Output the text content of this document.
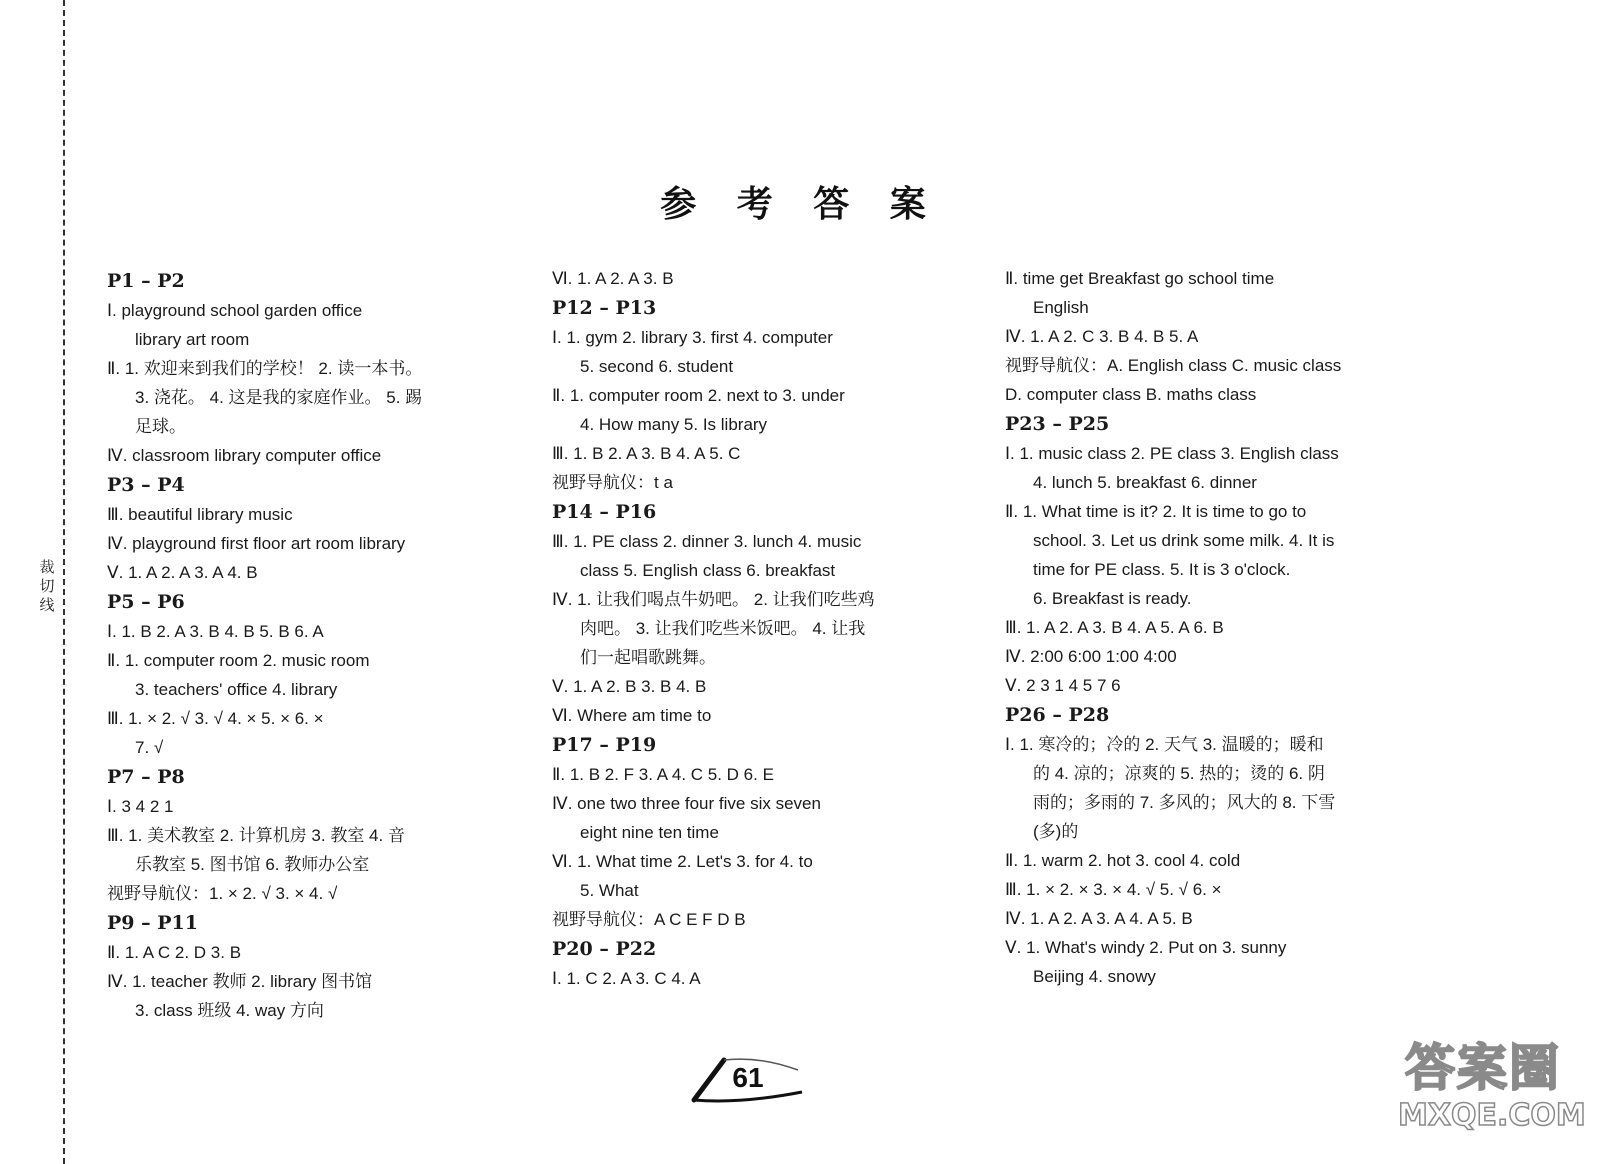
裁切线
参 考 答 案
P1 – P2
Ⅰ. playground school garden office
library art room
Ⅱ. 1. 欢迎来到我们的学校！ 2. 读一本书。
3. 浇花。 4. 这是我的家庭作业。 5. 踢
足球。
Ⅳ. classroom library computer office
P3 – P4
Ⅲ. beautiful library music
Ⅳ. playground first floor art room library
Ⅴ. 1. A 2. A 3. A 4. B
P5 – P6
Ⅰ. 1. B 2. A 3. B 4. B 5. B 6. A
Ⅱ. 1. computer room 2. music room
3. teachers' office 4. library
Ⅲ. 1. × 2. √ 3. √ 4. × 5. × 6. ×
7. √
P7 – P8
Ⅰ. 3 4 2 1
Ⅲ. 1. 美术教室 2. 计算机房 3. 教室 4. 音
乐教室 5. 图书馆 6. 教师办公室
视野导航仪：1. × 2. √ 3. × 4. √
P9 – P11
Ⅱ. 1. A C 2. D 3. B
Ⅳ. 1. teacher 教师 2. library 图书馆
3. class 班级 4. way 方向
Ⅵ. 1. A 2. A 3. B
P12 – P13
Ⅰ. 1. gym 2. library 3. first 4. computer
5. second 6. student
Ⅱ. 1. computer room 2. next to 3. under
4. How many 5. Is library
Ⅲ. 1. B 2. A 3. B 4. A 5. C
视野导航仪：t a
P14 – P16
Ⅲ. 1. PE class 2. dinner 3. lunch 4. music
class 5. English class 6. breakfast
Ⅳ. 1. 让我们喝点牛奶吧。 2. 让我们吃些鸡
肉吧。 3. 让我们吃些米饭吧。 4. 让我
们一起唱歌跳舞。
Ⅴ. 1. A 2. B 3. B 4. B
Ⅵ. Where am time to
P17 – P19
Ⅱ. 1. B 2. F 3. A 4. C 5. D 6. E
Ⅳ. one two three four five six seven
eight nine ten time
Ⅵ. 1. What time 2. Let's 3. for 4. to
5. What
视野导航仪：A C E F D B
P20 – P22
Ⅰ. 1. C 2. A 3. C 4. A
Ⅱ. time get Breakfast go school time
English
Ⅳ. 1. A 2. C 3. B 4. B 5. A
视野导航仪：A. English class C. music class
D. computer class B. maths class
P23 – P25
Ⅰ. 1. music class 2. PE class 3. English class
4. lunch 5. breakfast 6. dinner
Ⅱ. 1. What time is it? 2. It is time to go to
school. 3. Let us drink some milk. 4. It is
time for PE class. 5. It is 3 o'clock.
6. Breakfast is ready.
Ⅲ. 1. A 2. A 3. B 4. A 5. A 6. B
Ⅳ. 2:00 6:00 1:00 4:00
Ⅴ. 2 3 1 4 5 7 6
P26 – P28
Ⅰ. 1. 寒冷的；冷的 2. 天气 3. 温暖的；暖和
的 4. 凉的；凉爽的 5. 热的；烫的 6. 阴
雨的；多雨的 7. 多风的；风大的 8. 下雪
(多)的
Ⅱ. 1. warm 2. hot 3. cool 4. cold
Ⅲ. 1. × 2. × 3. × 4. √ 5. √ 6. ×
Ⅳ. 1. A 2. A 3. A 4. A 5. B
Ⅴ. 1. What's windy 2. Put on 3. sunny
Beijing 4. snowy
61	答案圈
MXQE.COM
